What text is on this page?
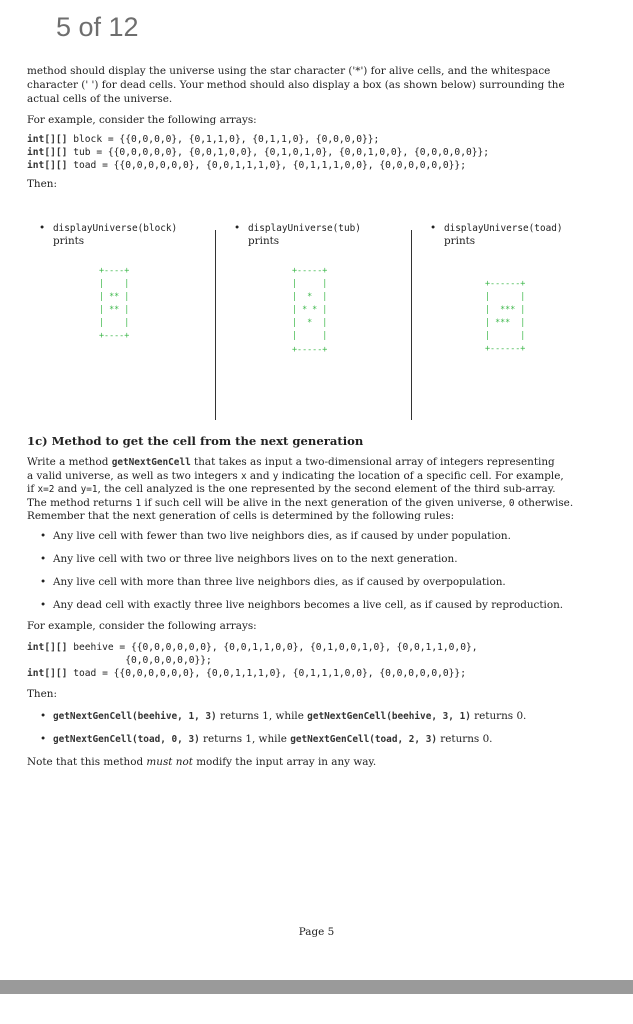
5 of 12

method should display the universe using the star character ('*') for alive cells, and the whitespace

character (' ') for dead cells. Your method should also display a box (as shown below) surrounding the

actual cells of the universe.

For example, consider the following arrays:

int[][] block = {{0,0,0,0}, {0,1,1,0}, {0,1,1,0}, {0,0,0,0}};

int[][] tub = {{0,0,0,0,0}, {0,0,1,0,0}, {0,1,0,1,0}, {0,0,1,0,0}, {0,0,0,0,0}};

int[][] toad = {{0,0,0,0,0,0}, {0,0,1,1,1,0}, {0,1,1,1,0,0}, {0,0,0,0,0,0}};

Then:

• displayUniverse(block)
prints
+----+
|    |
| ** |
| ** |
|    |
+----+
• displayUniverse(tub)
prints
+-----+
|     |
|  *  |
| * * |
|  *  |
|     |
+-----+
• displayUniverse(toad)
prints
+------+
|      |
|  *** |
| ***  |
|      |
+------+
1c) Method to get the cell from the next generation

Write a method getNextGenCell that takes as input a two-dimensional array of integers representing

a valid universe, as well as two integers x and y indicating the location of a specific cell. For example,

if x=2 and y=1, the cell analyzed is the one represented by the second element of the third sub-array.

The method returns 1 if such cell will be alive in the next generation of the given universe, 0 otherwise.

Remember that the next generation of cells is determined by the following rules:

• Any live cell with fewer than two live neighbors dies, as if caused by under population.
• Any live cell with two or three live neighbors lives on to the next generation.
• Any live cell with more than three live neighbors dies, as if caused by overpopulation.
• Any dead cell with exactly three live neighbors becomes a live cell, as if caused by reproduction.

For example, consider the following arrays:

int[][] beehive = {{0,0,0,0,0,0}, {0,0,1,1,0,0}, {0,1,0,0,1,0}, {0,0,1,1,0,0},

{0,0,0,0,0,0}};

int[][] toad = {{0,0,0,0,0,0}, {0,0,1,1,1,0}, {0,1,1,1,0,0}, {0,0,0,0,0,0}};

Then:

• getNextGenCell(beehive, 1, 3) returns 1, while getNextGenCell(beehive, 3, 1) returns 0.
• getNextGenCell(toad, 0, 3) returns 1, while getNextGenCell(toad, 2, 3) returns 0.

Note that this method must not modify the input array in any way.

Page 5
